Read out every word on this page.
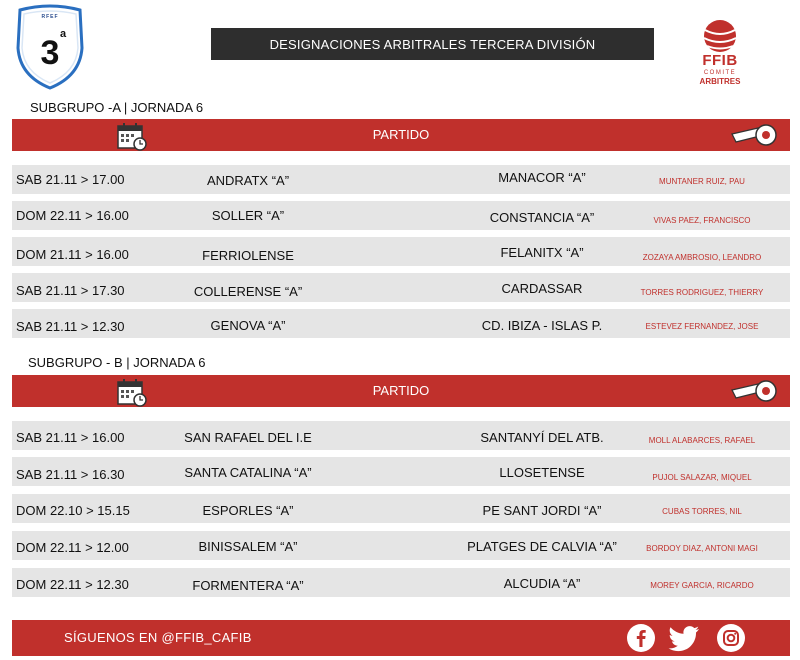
RFEF
3 a
DESIGNACIONES ARBITRALES TERCERA DIVISIÓN
FFIB
COMITE
ARBITRES
SUBGRUPO -A | JORNADA 6
PARTIDO
SAB 21.11 > 17.00	ANDRATX “A”	MANACOR “A”	MUNTANER RUIZ, PAU
DOM 22.11 > 16.00	SOLLER “A”	CONSTANCIA “A”	VIVAS PAEZ, FRANCISCO
DOM 21.11 > 16.00	FERRIOLENSE	FELANITX “A”	ZOZAYA AMBROSIO, LEANDRO
SAB 21.11 > 17.30	COLLERENSE “A”	CARDASSAR	TORRES RODRIGUEZ, THIERRY
SAB 21.11 > 12.30	GENOVA “A”	CD. IBIZA - ISLAS P.	ESTEVEZ FERNANDEZ, JOSE
SUBGRUPO - B | JORNADA 6
PARTIDO
SAB 21.11 > 16.00	SAN RAFAEL DEL I.E	SANTANYÍ DEL ATB.	MOLL ALABARCES, RAFAEL
SAB 21.11 > 16.30	SANTA CATALINA “A”	LLOSETENSE	PUJOL SALAZAR, MIQUEL
DOM 22.10 > 15.15	ESPORLES “A”	PE SANT JORDI “A”	CUBAS TORRES, NIL
DOM 22.11 > 12.00	BINISSALEM “A”	PLATGES DE CALVIA “A”	BORDOY DIAZ, ANTONI MAGI
DOM 22.11 > 12.30	FORMENTERA “A”	ALCUDIA “A”	MOREY GARCIA, RICARDO
SÍGUENOS EN @FFIB_CAFIB
